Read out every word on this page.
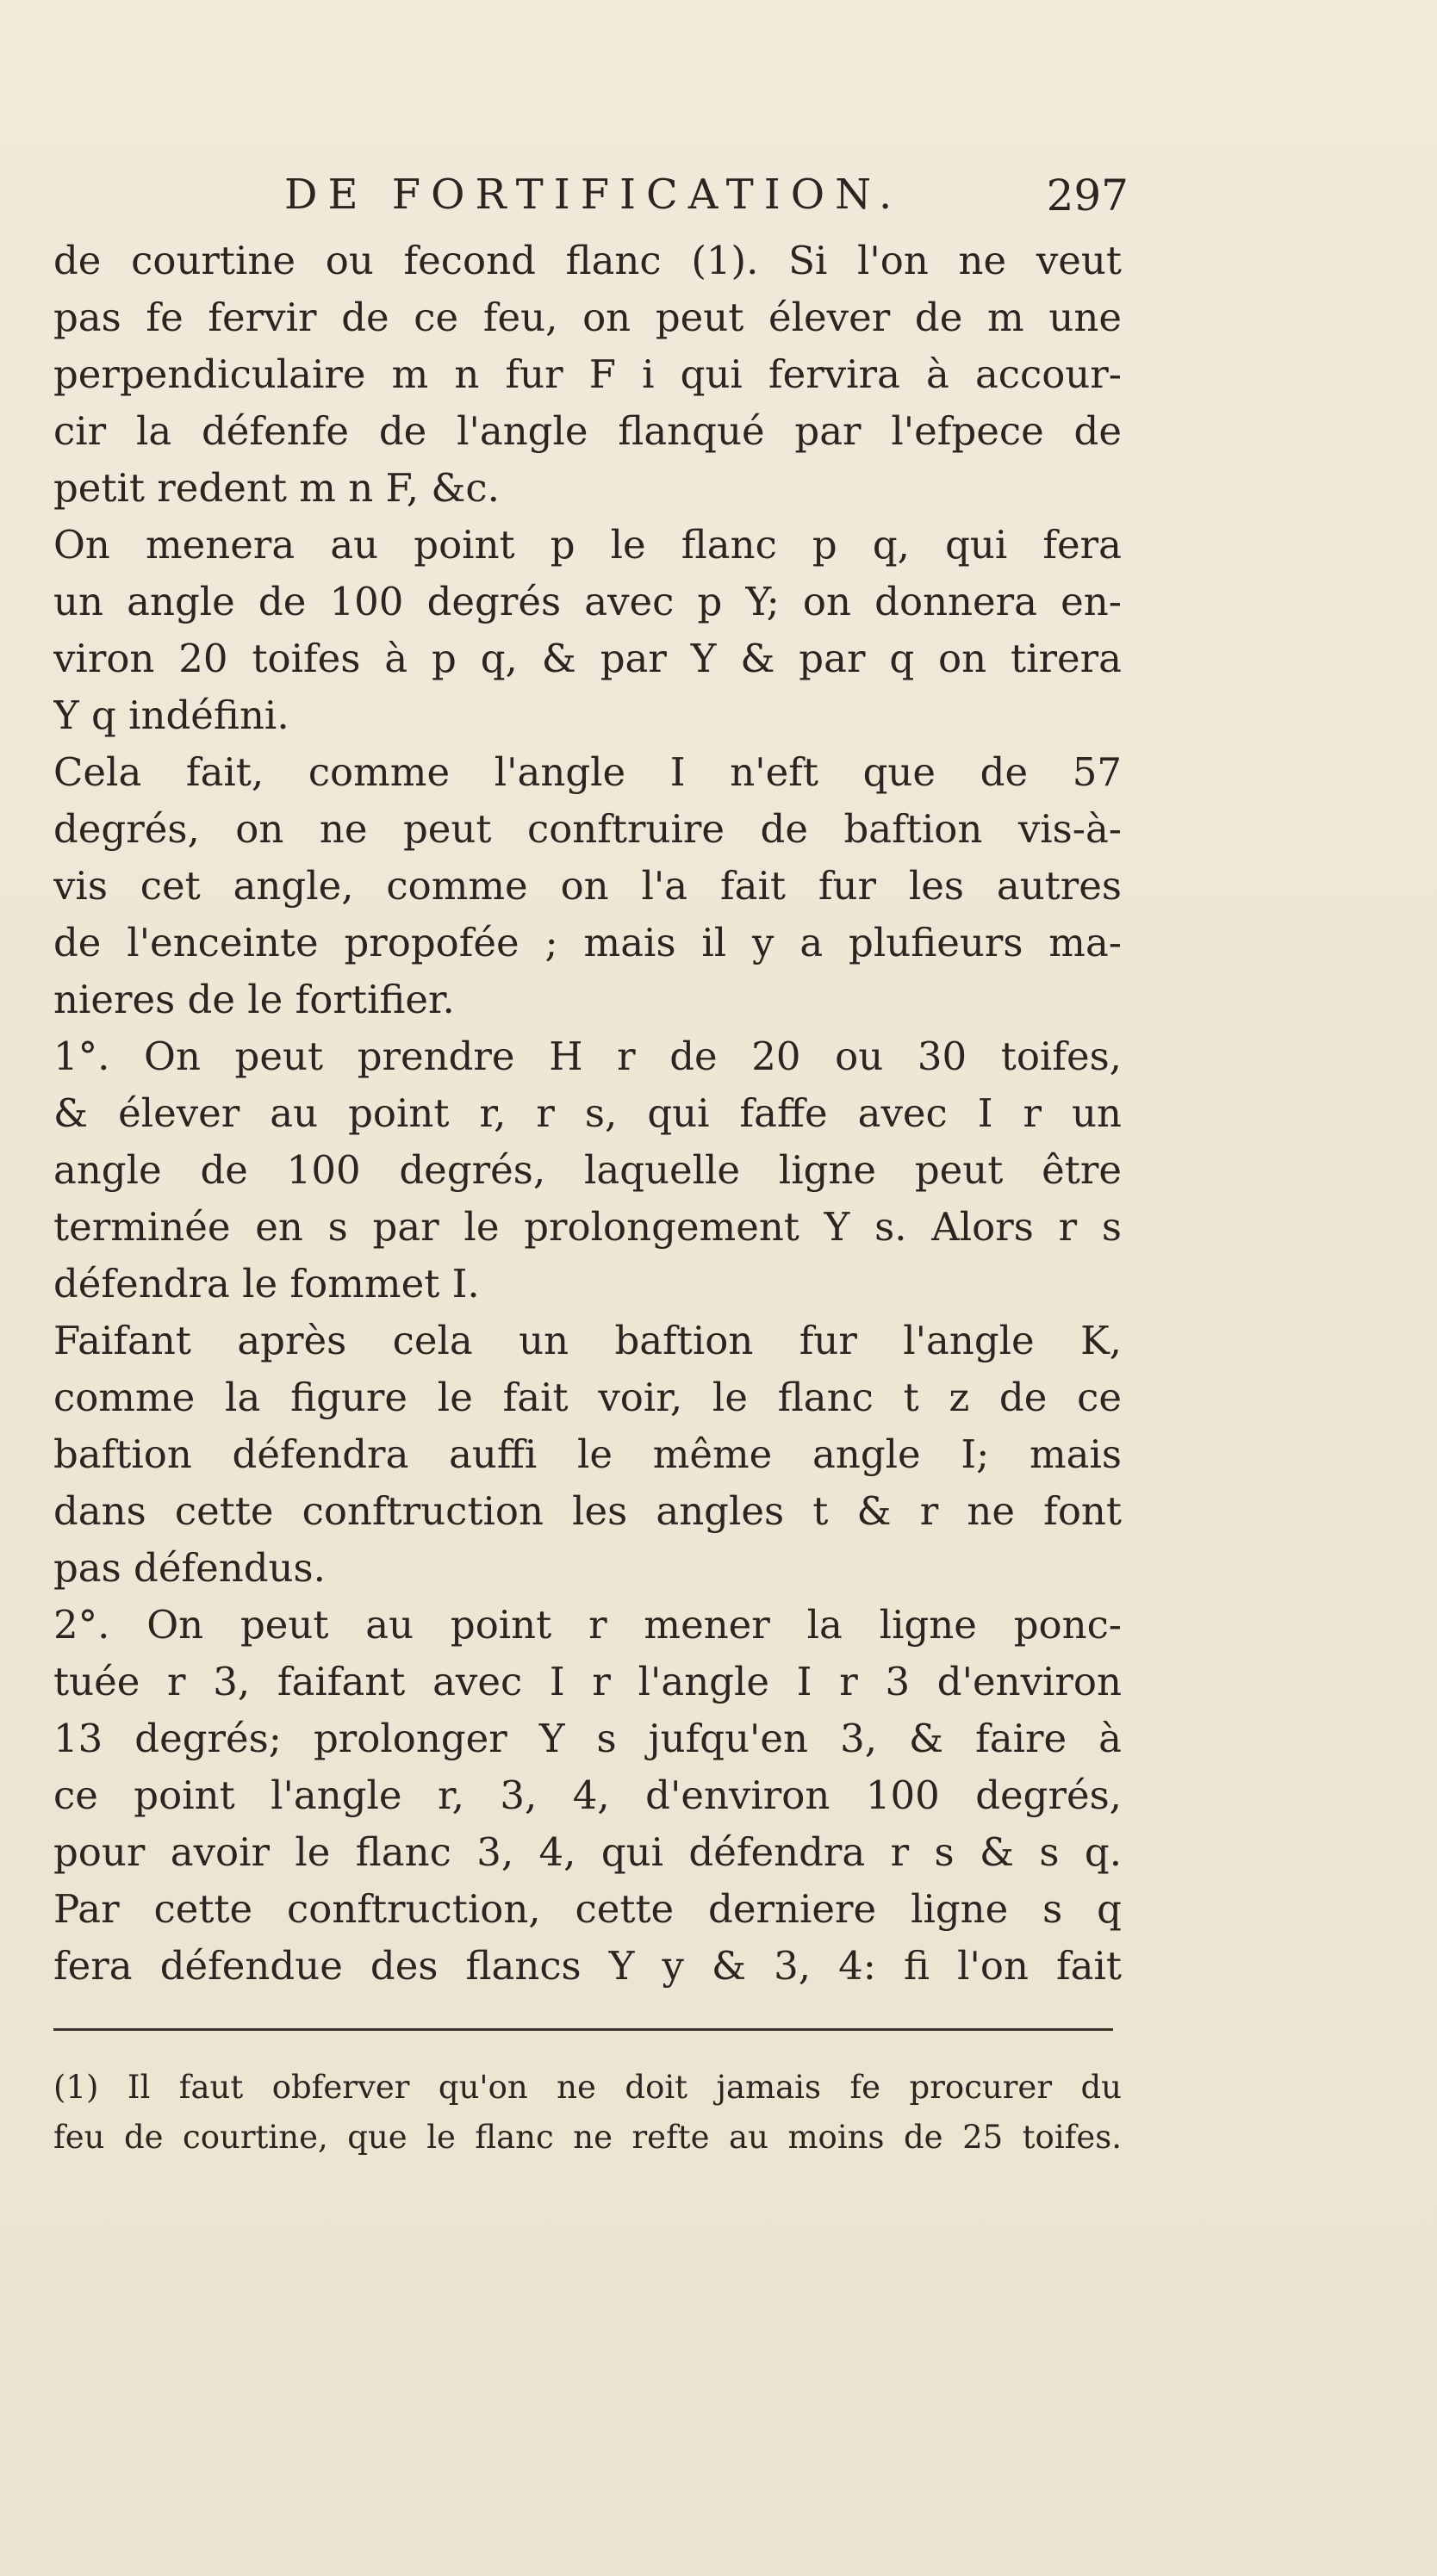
DE FORTIFICATION.	297
de courtine ou fecond flanc (1). Si l'on ne veut
pas fe fervir de ce feu, on peut élever de m une
perpendiculaire m n fur F i qui fervira à accour-
cir la défenfe de l'angle flanqué par l'efpece de
petit redent m n F, &c.
On menera au point p le flanc p q, qui fera
un angle de 100 degrés avec p Y; on donnera en-
viron 20 toifes à p q, & par Y & par q on tirera
Y q indéfini.
Cela fait, comme l'angle I n'eft que de 57
degrés, on ne peut conftruire de baftion vis-à-
vis cet angle, comme on l'a fait fur les autres
de l'enceinte propofée ; mais il y a plufieurs ma-
nieres de le fortifier.
1°. On peut prendre H r de 20 ou 30 toifes,
& élever au point r, r s, qui faffe avec I r un
angle de 100 degrés, laquelle ligne peut être
terminée en s par le prolongement Y s. Alors r s
défendra le fommet I.
Faifant après cela un baftion fur l'angle K,
comme la figure le fait voir, le flanc t z de ce
baftion défendra auffi le même angle I; mais
dans cette conftruction les angles t & r ne font
pas défendus.
2°. On peut au point r mener la ligne ponc-
tuée r 3, faifant avec I r l'angle I r 3 d'environ
13 degrés; prolonger Y s jufqu'en 3, & faire à
ce point l'angle r, 3, 4, d'environ 100 degrés,
pour avoir le flanc 3, 4, qui défendra r s & s q.
Par cette conftruction, cette derniere ligne s q
fera défendue des flancs Y y & 3, 4: fi l'on fait
(1) Il faut obferver qu'on ne doit jamais fe procurer du
feu de courtine, que le flanc ne refte au moins de 25 toifes.
